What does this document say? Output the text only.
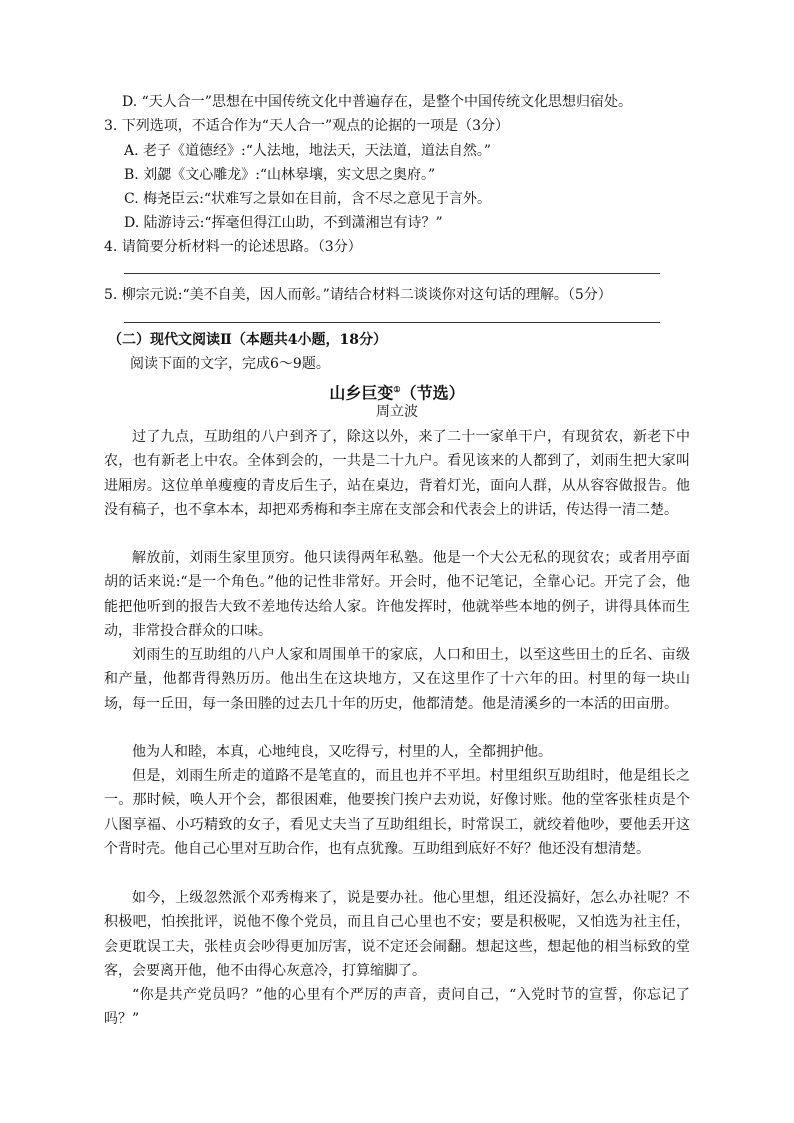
D. “天人合一”思想在中国传统文化中普遍存在，是整个中国传统文化思想归宿处。
3. 下列选项，不适合作为“天人合一”观点的论据的一项是（3分）
A. 老子《道德经》:“人法地，地法天，天法道，道法自然。”
B. 刘勰《文心雕龙》:“山林皋壤，实文思之奥府。”
C. 梅尧臣云:“状难写之景如在目前，含不尽之意见于言外。
D. 陆游诗云:“挥毫但得江山助，不到潇湘岂有诗？”
4. 请简要分析材料一的论述思路。（3分）
5. 柳宗元说:“美不自美，因人而彰。”请结合材料二谈谈你对这句话的理解。（5分）
（二）现代文阅读Ⅱ（本题共4小题，18分）
阅读下面的文字，完成6～9题。
山乡巨变①（节选）
周立波

过了九点，互助组的八户到齐了，除这以外，来了二十一家单干户，有现贫农，新老下中农，也有新老上中农。全体到会的，一共是二十九户。看见该来的人都到了，刘雨生把大家叫进厢房。这位单单瘦瘦的青皮后生子，站在桌边，背着灯光，面向人群，从从容容做报告。他没有稿子，也不拿本本，却把邓秀梅和李主席在支部会和代表会上的讲话，传达得一清二楚。

解放前，刘雨生家里顶穷。他只读得两年私塾。他是一个大公无私的现贫农；或者用亭面胡的话来说:“是一个角色。”他的记性非常好。开会时，他不记笔记，全靠心记。开完了会，他能把他听到的报告大致不差地传达给人家。许他发挥时，他就举些本地的例子，讲得具体而生动，非常投合群众的口味。

刘雨生的互助组的八户人家和周围单干的家底，人口和田土，以至这些田土的丘名、亩级和产量，他都背得熟历历。他出生在这块地方，又在这里作了十六年的田。村里的每一块山场，每一丘田，每一条田塍的过去几十年的历史，他都清楚。他是清溪乡的一本活的田亩册。

他为人和睦，本真，心地纯良，又吃得亏，村里的人，全都拥护他。

但是，刘雨生所走的道路不是笔直的，而且也并不平坦。村里组织互助组时，他是组长之一。那时候，唤人开个会，都很困难，他要挨门挨户去劝说，好像讨账。他的堂客张桂贞是个八图享福、小巧精致的女子，看见丈夫当了互助组组长，时常误工，就绞着他吵，要他丢开这个背时壳。他自己心里对互助合作，也有点犹豫。互助组到底好不好？他还没有想清楚。

如今，上级忽然派个邓秀梅来了，说是要办社。他心里想，组还没搞好，怎么办社呢？不积极吧，怕挨批评，说他不像个党员，而且自己心里也不安；要是积极呢，又怕选为社主任，会更耽误工夫，张桂贞会吵得更加厉害，说不定还会闹翻。想起这些，想起他的相当标致的堂客，会要离开他，他不由得心灰意冷，打算缩脚了。

“你是共产党员吗？”他的心里有个严厉的声音，责问自己，“入党时节的宣誓，你忘记了吗？”
